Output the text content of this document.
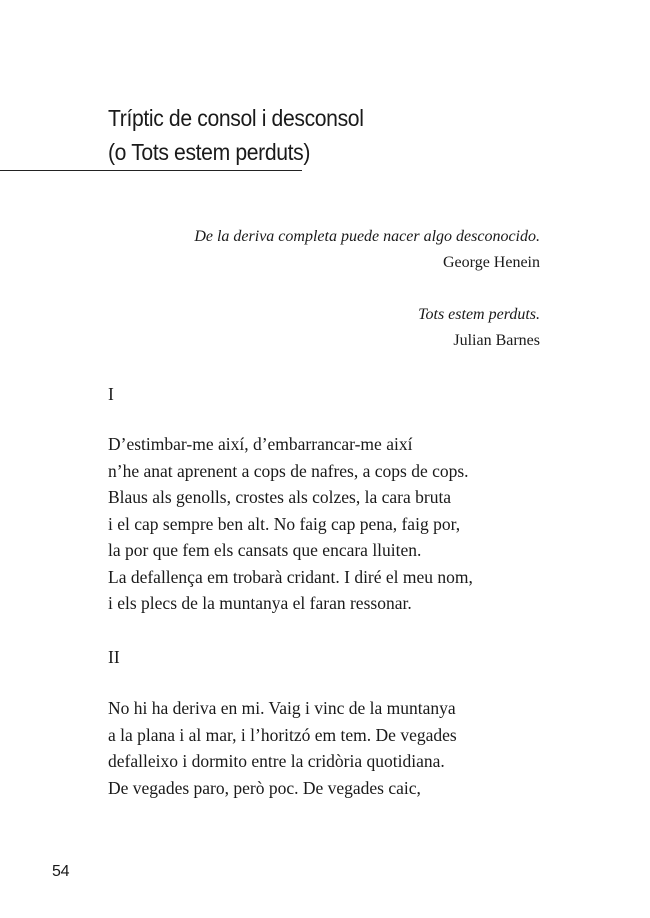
Tríptic de consol i desconsol
(o Tots estem perduts)
De la deriva completa puede nacer algo desconocido.
George Henein
Tots estem perduts.
Julian Barnes
I
D’estimbar-me així, d’embarrancar-me així
n’he anat aprenent a cops de nafres, a cops de cops.
Blaus als genolls, crostes als colzes, la cara bruta
i el cap sempre ben alt. No faig cap pena, faig por,
la por que fem els cansats que encara lluiten.
La defallença em trobarà cridant. I diré el meu nom,
i els plecs de la muntanya el faran ressonar.
II
No hi ha deriva en mi. Vaig i vinc de la muntanya
a la plana i al mar, i l’horitzó em tem. De vegades
defalleixo i dormito entre la cridòria quotidiana.
De vegades paro, però poc. De vegades caic,
54
